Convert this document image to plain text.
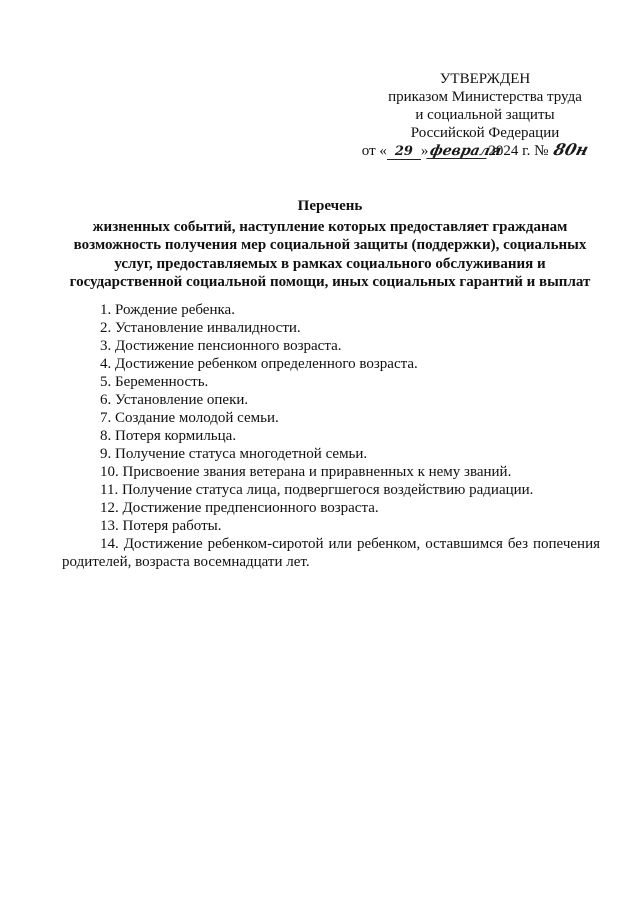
УТВЕРЖДЕН
приказом Министерства труда
и социальной защиты
Российской Федерации
от « 29 »февраля2024 г. № 80н
Перечень
жизненных событий, наступление которых предоставляет гражданам
возможность получения мер социальной защиты (поддержки), социальных
услуг, предоставляемых в рамках социального обслуживания и
государственной социальной помощи, иных социальных гарантий и выплат
1. Рождение ребенка.
2. Установление инвалидности.
3. Достижение пенсионного возраста.
4. Достижение ребенком определенного возраста.
5. Беременность.
6. Установление опеки.
7. Создание молодой семьи.
8. Потеря кормильца.
9. Получение статуса многодетной семьи.
10. Присвоение звания ветерана и приравненных к нему званий.
11. Получение статуса лица, подвергшегося воздействию радиации.
12. Достижение предпенсионного возраста.
13. Потеря работы.
14. Достижение ребенком-сиротой или ребенком, оставшимся без попечения родителей, возраста восемнадцати лет.
